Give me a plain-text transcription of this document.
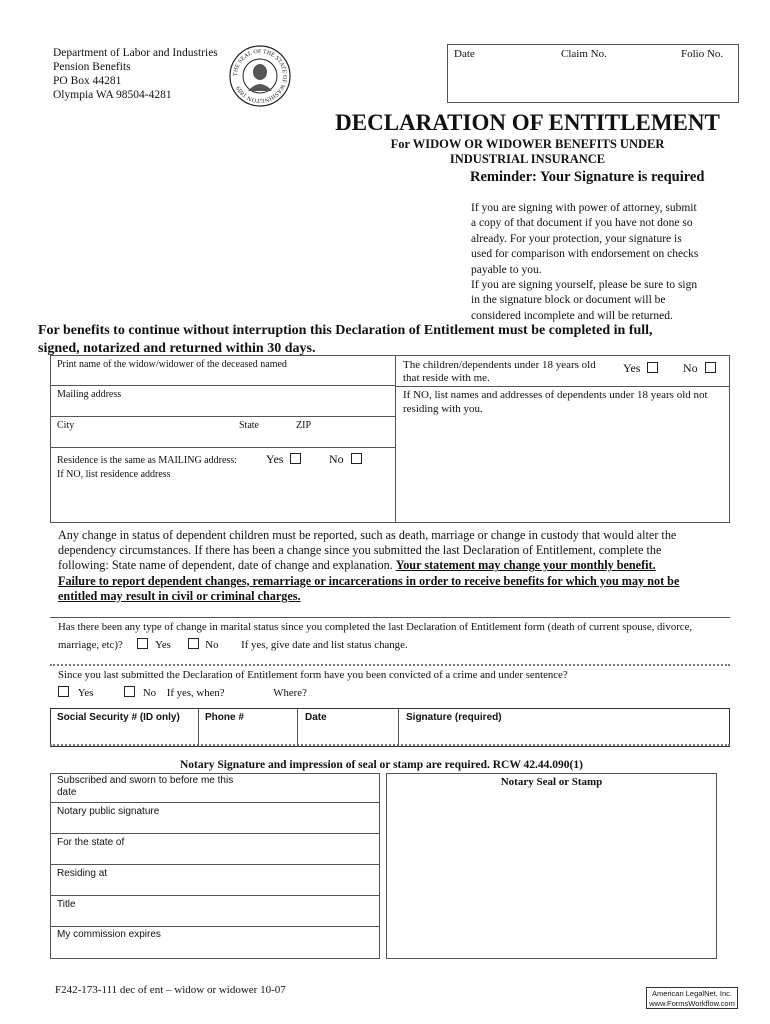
Department of Labor and Industries
Pension Benefits
PO Box 44281
Olympia WA 98504-4281
THE SEAL OF THE STATE OF WASHINGTON 1889
Date	Claim No.	Folio No.
DECLARATION OF ENTITLEMENT
For WIDOW OR WIDOWER BENEFITS UNDER
INDUSTRIAL INSURANCE
Reminder: Your Signature is required
If you are signing with power of attorney, submit
a copy of that document if you have not done so
already. For your protection, your signature is
used for comparison with endorsement on checks
payable to you.
If you are signing yourself, please be sure to sign
in the signature block or document will be
considered incomplete and will be returned.
For benefits to continue without interruption this Declaration of Entitlement must be completed in full,
signed, notarized and returned within 30 days.
Print name of the widow/widower of the deceased named
Mailing address
City	State	ZIP
Residence is the same as MAILING address: Yes	No
If NO, list residence address
The children/dependents under 18 years old
that reside with me.
Yes	No
If NO, list names and addresses of dependents under 18 years old not
residing with you.
Any change in status of dependent children must be reported, such as death, marriage or change in custody that would alter the
dependency circumstances. If there has been a change since you submitted the last Declaration of Entitlement, complete the
following: State name of dependent, date of change and explanation. Your statement may change your monthly benefit.
Failure to report dependent changes, remarriage or incarcerations in order to receive benefits for which you may not be
entitled may result in civil or criminal charges.
Has there been any type of change in marital status since you completed the last Declaration of Entitlement form (death of current spouse, divorce,
marriage, etc)?	Yes	No If yes, give date and list status change.
Since you last submitted the Declaration of Entitlement form have you been convicted of a crime and under sentence?
Yes	No If yes, when?	Where?
Social Security # (ID only)	Phone #	Date	Signature (required)
Notary Signature and impression of seal or stamp are required. RCW 42.44.090(1)
Subscribed and sworn to before me this
date
Notary public signature
For the state of
Residing at
Title
My commission expires
Notary Seal or Stamp
F242-173-111 dec of ent – widow or widower 10-07	American LegalNet, Inc.
www.FormsWorkflow.com
